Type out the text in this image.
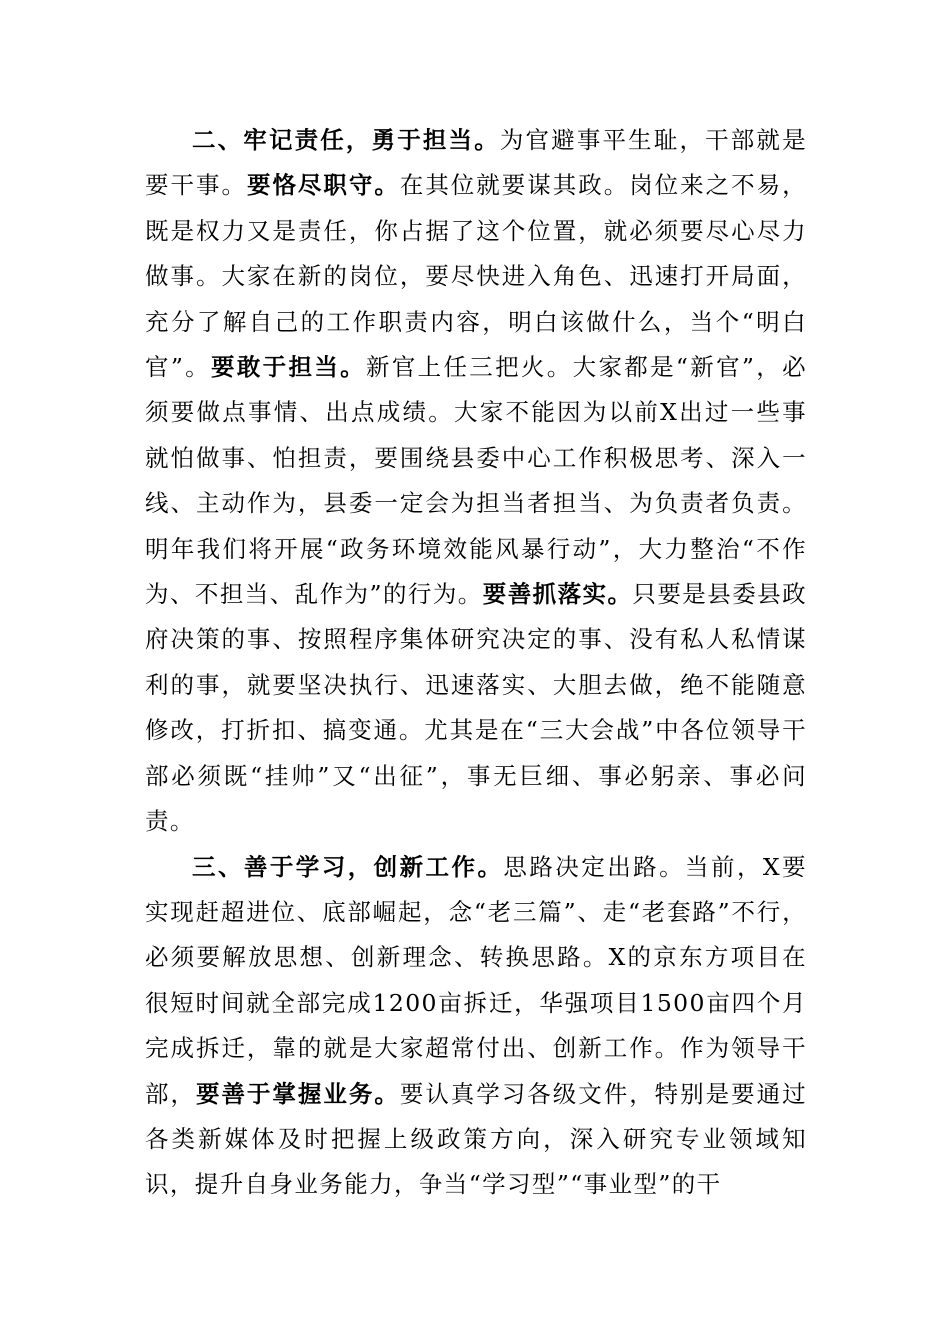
二、牢记责任，勇于担当。为官避事平生耻，干部就是要干事。要恪尽职守。在其位就要谋其政。岗位来之不易，既是权力又是责任，你占据了这个位置，就必须要尽心尽力做事。大家在新的岗位，要尽快进入角色、迅速打开局面，充分了解自己的工作职责内容，明白该做什么，当个“明白官”。要敢于担当。新官上任三把火。大家都是“新官”，必须要做点事情、出点成绩。大家不能因为以前X出过一些事就怕做事、怕担责，要围绕县委中心工作积极思考、深入一线、主动作为，县委一定会为担当者担当、为负责者负责。明年我们将开展“政务环境效能风暴行动”，大力整治“不作为、不担当、乱作为”的行为。要善抓落实。只要是县委县政府决策的事、按照程序集体研究决定的事、没有私人私情谋利的事，就要坚决执行、迅速落实、大胆去做，绝不能随意修改，打折扣、搞变通。尤其是在“三大会战”中各位领导干部必须既“挂帅”又“出征”，事无巨细、事必躬亲、事必问责。

三、善于学习，创新工作。思路决定出路。当前，X要实现赶超进位、底部崛起，念“老三篇”、走“老套路”不行，必须要解放思想、创新理念、转换思路。X的京东方项目在很短时间就全部完成1200亩拆迁，华强项目1500亩四个月完成拆迁，靠的就是大家超常付出、创新工作。作为领导干部，要善于掌握业务。要认真学习各级文件，特别是要通过各类新媒体及时把握上级政策方向，深入研究专业领域知识，提升自身业务能力，争当“学习型”“事业型”的干
